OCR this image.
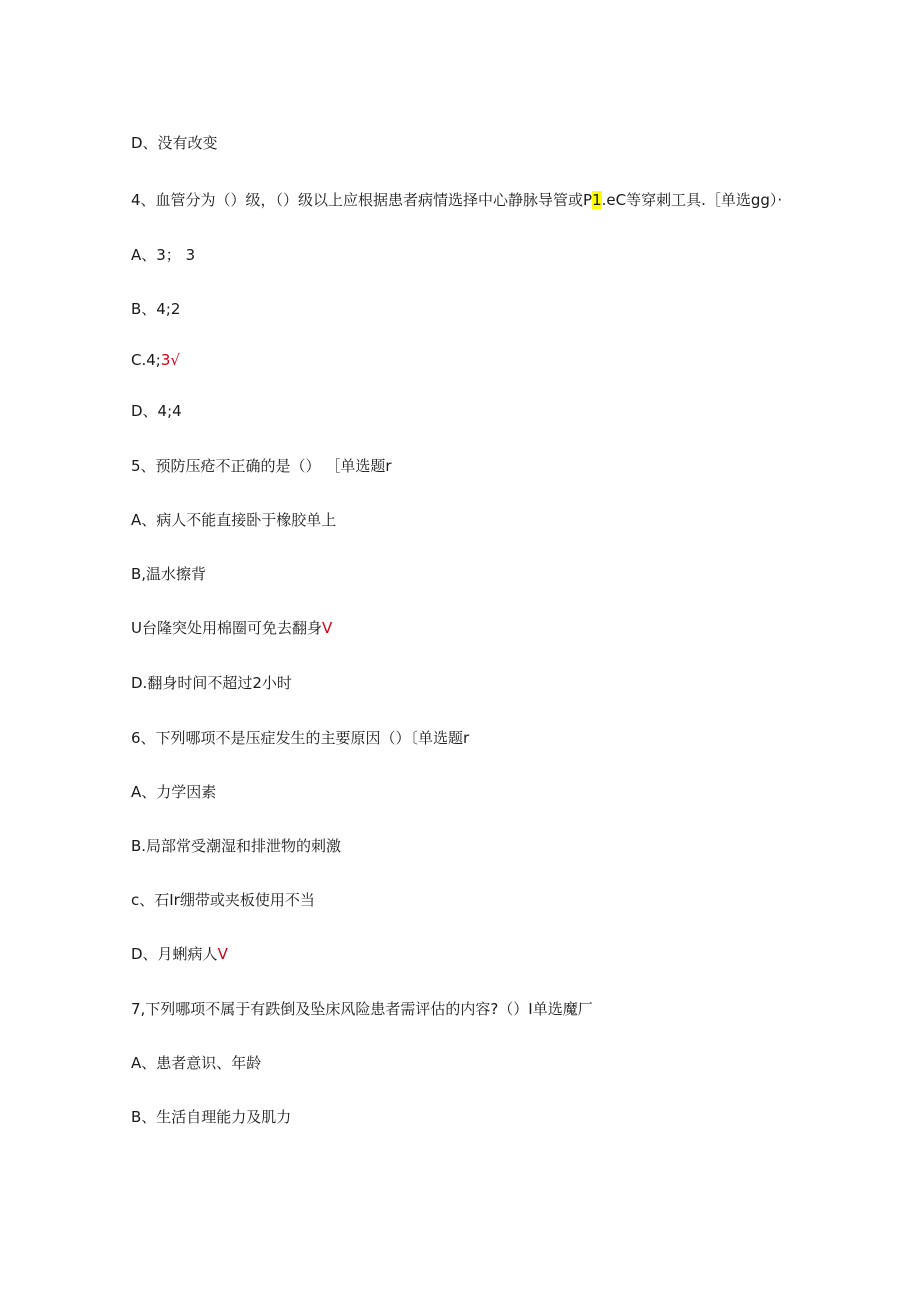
D、没有改变
4、血管分为（）级，（）级以上应根据患者病情选择中心静脉导管或P1.eC等穿刺工具.［单选gg）·
A、3； 3
B、4;2
C.4;3√
D、4;4
5、预防压疮不正确的是（） ［单选题r
A、病人不能直接卧于橡胶单上
B,温水擦背
U台隆突处用棉圈可免去翻身V
D.翻身时间不超过2小时
6、下列哪项不是压症发生的主要原因（）〔单选题r
A、力学因素
B.局部常受潮湿和排泄物的刺激
c、石Ir绷带或夹板使用不当
D、月蜊病人V
7,下列哪项不属于有跌倒及坠床风险患者需评估的内容?（）I单选魔厂
A、患者意识、年龄
B、生活自理能力及肌力
